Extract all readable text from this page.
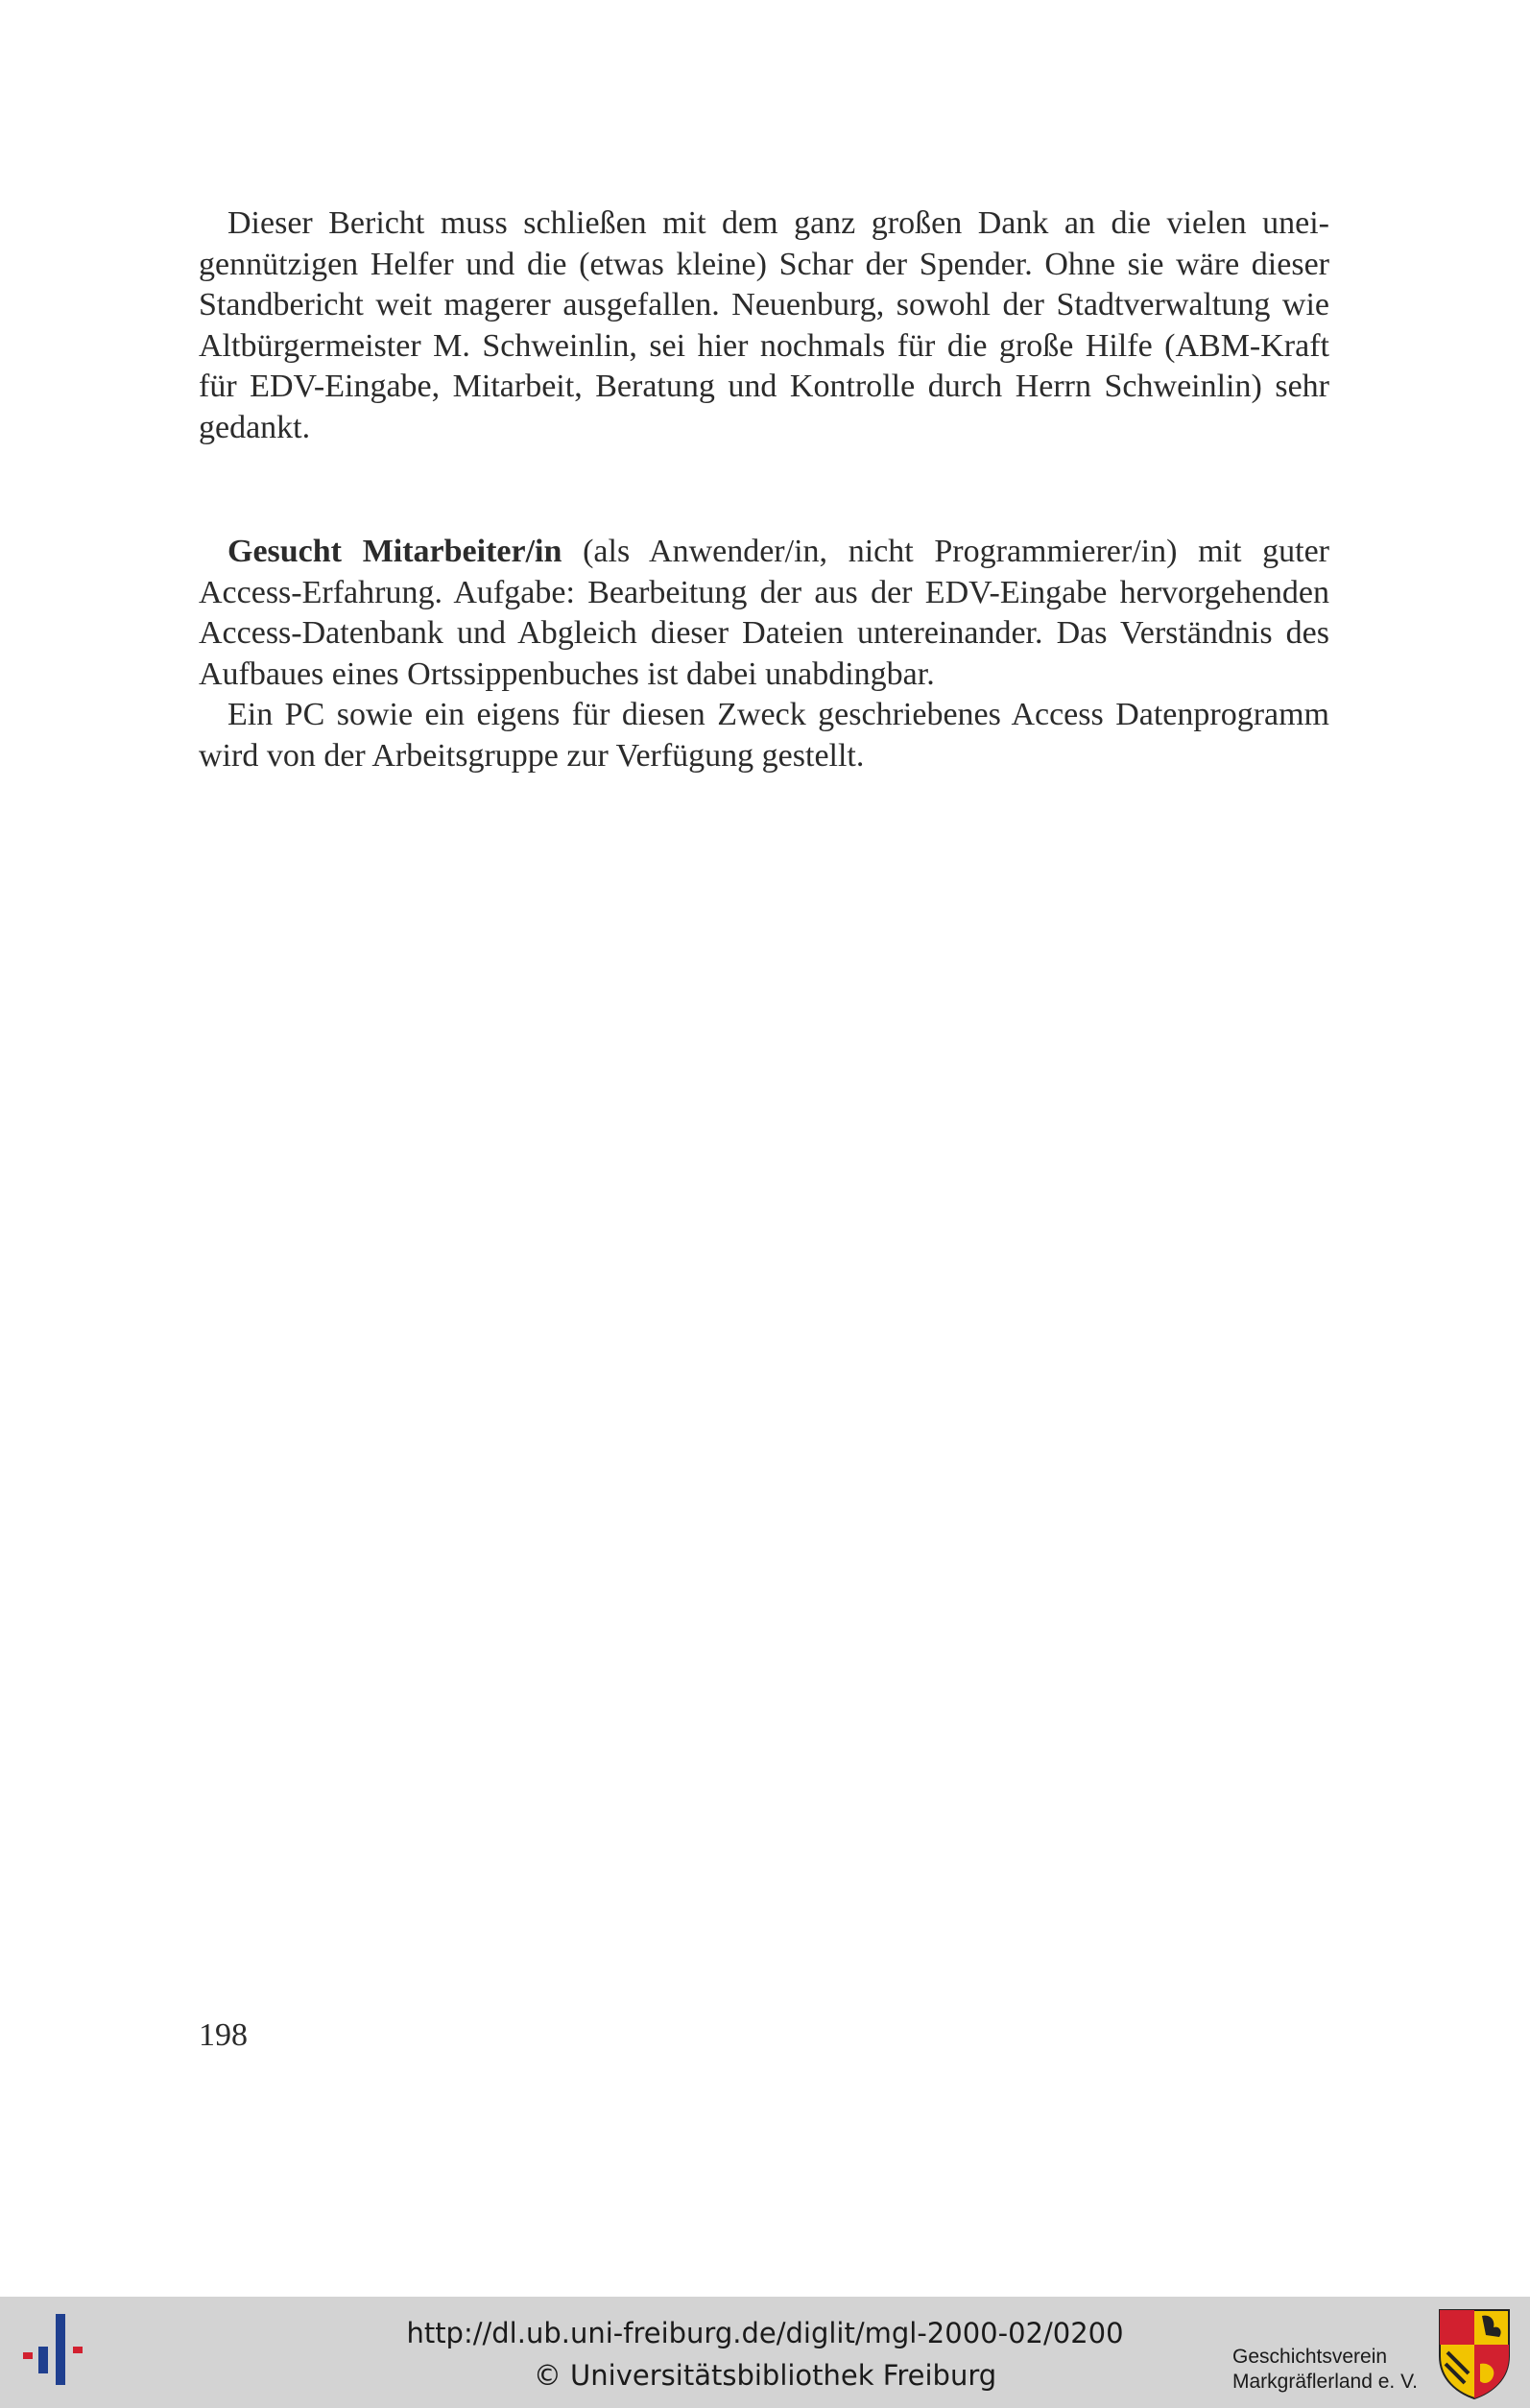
Dieser Bericht muss schließen mit dem ganz großen Dank an die vielen uneigennützigen Helfer und die (etwas kleine) Schar der Spender. Ohne sie wäre dieser Standbericht weit magerer ausgefallen. Neuenburg, sowohl der Stadtverwaltung wie Altbürgermeister M. Schweinlin, sei hier nochmals für die große Hilfe (ABM-Kraft für EDV-Eingabe, Mitarbeit, Beratung und Kontrolle durch Herrn Schweinlin) sehr gedankt.

Gesucht Mitarbeiter/in (als Anwender/in, nicht Programmierer/in) mit guter Access-Erfahrung. Aufgabe: Bearbeitung der aus der EDV-Eingabe hervorgehenden Access-Datenbank und Abgleich dieser Dateien untereinander. Das Verständnis des Aufbaues eines Ortssippenbuches ist dabei unabdingbar.

Ein PC sowie ein eigens für diesen Zweck geschriebenes Access Datenprogramm wird von der Arbeitsgruppe zur Verfügung gestellt.

198
http://dl.ub.uni-freiburg.de/diglit/mgl-2000-02/0200
© Universitätsbibliothek Freiburg
Geschichtsverein
Markgräflerland e. V.
